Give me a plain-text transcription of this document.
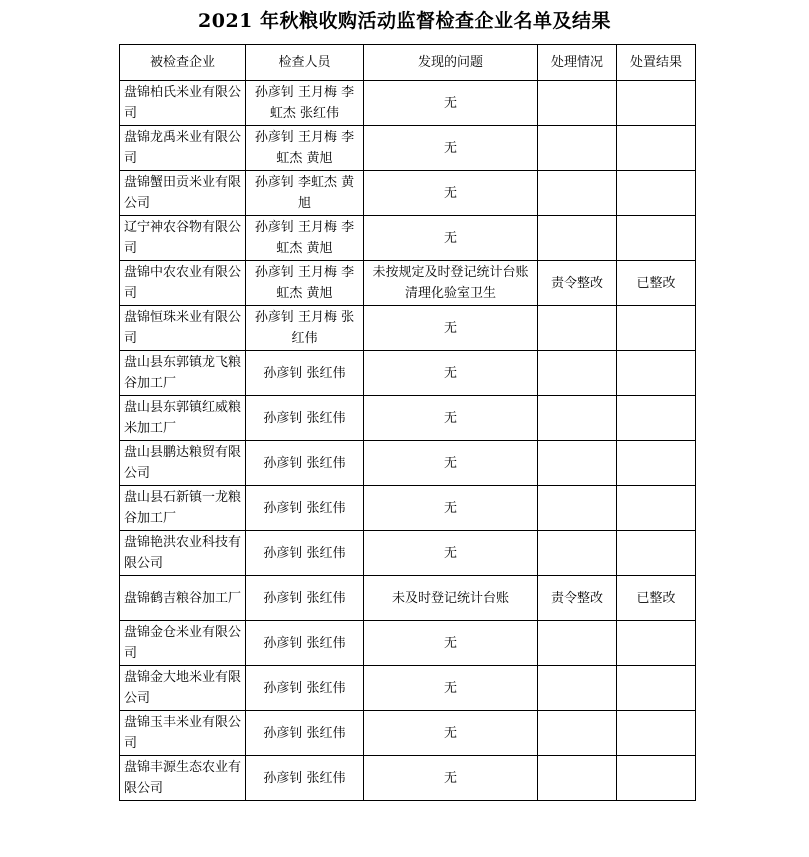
2021 年秋粮收购活动监督检查企业名单及结果
被检查企业	检查人员	发现的问题	处理情况	处置结果
盘锦柏氏米业有限公司	孙彦钊 王月梅 李虹杰 张红伟	无		
盘锦龙禹米业有限公司	孙彦钊 王月梅 李虹杰 黄旭	无		
盘锦蟹田贡米业有限公司	孙彦钊 李虹杰 黄旭	无		
辽宁神农谷物有限公司	孙彦钊 王月梅 李虹杰 黄旭	无		
盘锦中农农业有限公司	孙彦钊 王月梅 李虹杰 黄旭	未按规定及时登记统计台账清理化验室卫生	责令整改	已整改
盘锦恒珠米业有限公司	孙彦钊 王月梅 张红伟	无		
盘山县东郭镇龙飞粮谷加工厂	孙彦钊 张红伟	无		
盘山县东郭镇红威粮米加工厂	孙彦钊 张红伟	无		
盘山县鹏达粮贸有限公司	孙彦钊 张红伟	无		
盘山县石新镇一龙粮谷加工厂	孙彦钊 张红伟	无		
盘锦艳洪农业科技有限公司	孙彦钊 张红伟	无		
盘锦鹤吉粮谷加工厂	孙彦钊 张红伟	未及时登记统计台账	责令整改	已整改
盘锦金仓米业有限公司	孙彦钊 张红伟	无		
盘锦金大地米业有限公司	孙彦钊 张红伟	无		
盘锦玉丰米业有限公司	孙彦钊 张红伟	无		
盘锦丰源生态农业有限公司	孙彦钊 张红伟	无		
